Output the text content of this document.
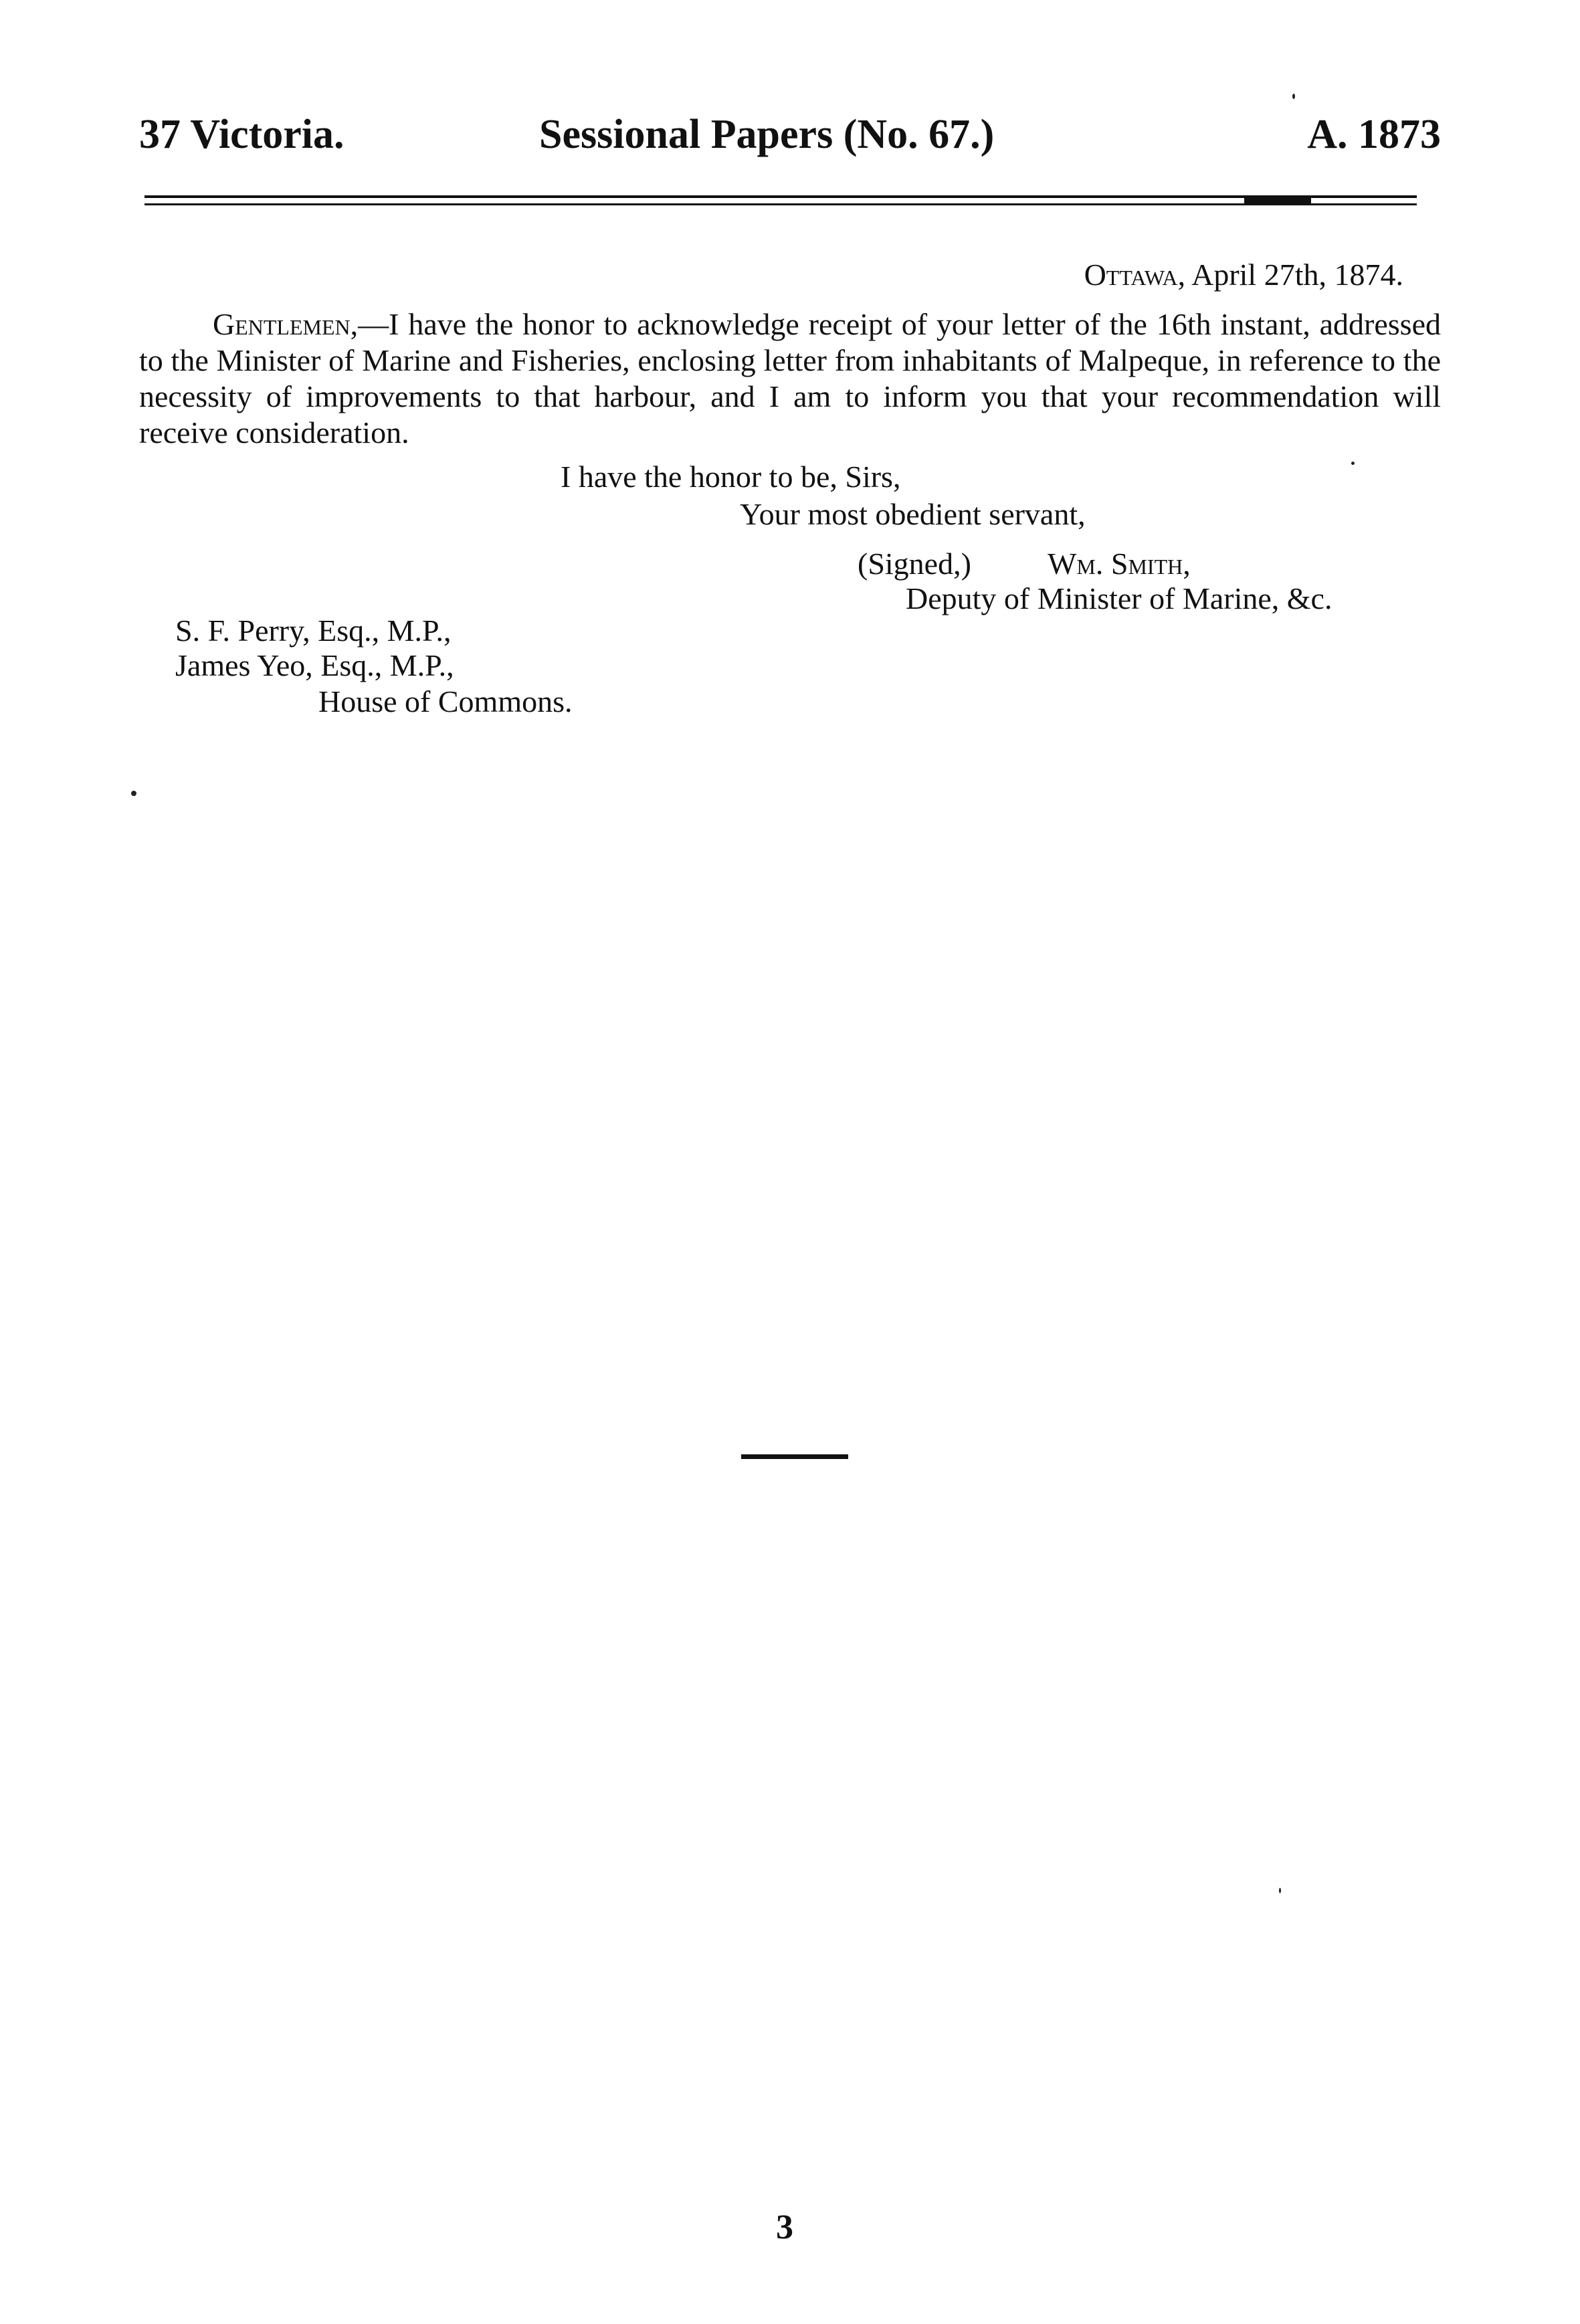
37 Victoria.	Sessional Papers (No. 67.)	A. 1873
Ottawa, April 27th, 1874.

Gentlemen,—I have the honor to acknowledge receipt of your letter of the 16th instant, addressed to the Minister of Marine and Fisheries, enclosing letter from inhabitants of Malpeque, in reference to the necessity of improvements to that harbour, and I am to inform you that your recommendation will receive consideration.

I have the honor to be, Sirs,
Your most obedient servant,
(Signed,) Wm. Smith,
Deputy of Minister of Marine, &c.
S. F. Perry, Esq., M.P.,
James Yeo, Esq., M.P.,
House of Commons.
3
